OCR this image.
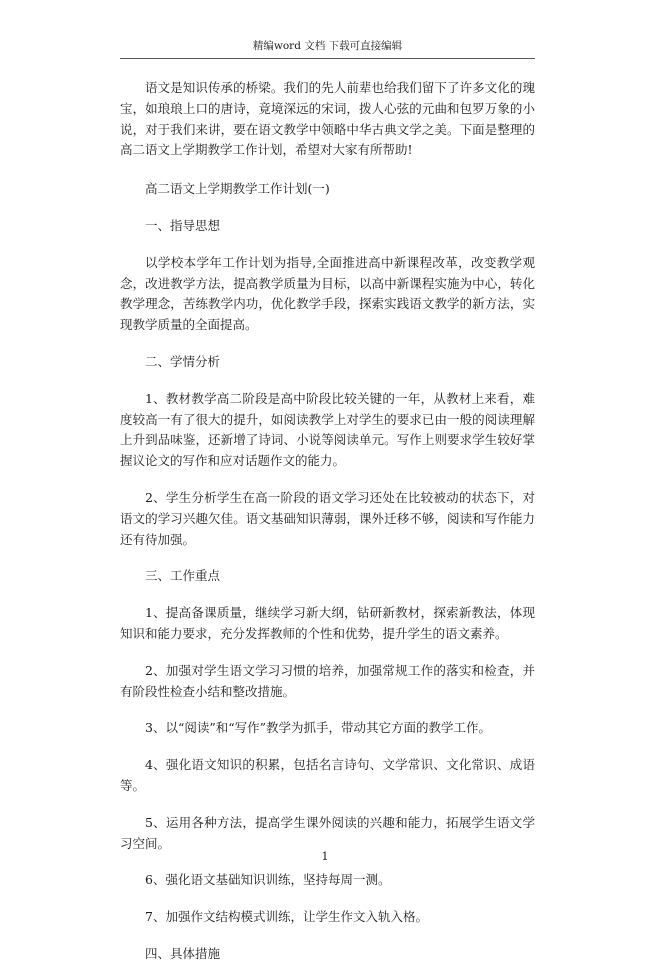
精编word 文档 下载可直接编辑

语文是知识传承的桥梁。我们的先人前辈也给我们留下了许多文化的瑰宝，如琅琅上口的唐诗，竟境深远的宋词，拨人心弦的元曲和包罗万象的小说，对于我们来讲，要在语文教学中领略中华古典文学之美。下面是整理的高二语文上学期教学工作计划，希望对大家有所帮助!

高二语文上学期教学工作计划(一)

一、指导思想

以学校本学年工作计划为指导,全面推进高中新课程改革，改变教学观念，改进教学方法，提高教学质量为目标，以高中新课程实施为中心，转化教学理念，苦练教学内功，优化教学手段，探索实践语文教学的新方法，实现教学质量的全面提高。

二、学情分析

1、教材教学高二阶段是高中阶段比较关键的一年，从教材上来看，难度较高一有了很大的提升，如阅读教学上对学生的要求已由一般的阅读理解上升到品味鉴，还新增了诗词、小说等阅读单元。写作上则要求学生较好掌握议论文的写作和应对话题作文的能力。

2、学生分析学生在高一阶段的语文学习还处在比较被动的状态下，对语文的学习兴趣欠佳。语文基础知识薄弱，课外迁移不够，阅读和写作能力还有待加强。

三、工作重点

1、提高备课质量，继续学习新大纲，钻研新教材，探索新教法，体现知识和能力要求，充分发挥教师的个性和优势，提升学生的语文素养。

2、加强对学生语文学习习惯的培养，加强常规工作的落实和检查，并有阶段性检查小结和整改措施。

3、以“阅读”和“写作”教学为抓手，带动其它方面的教学工作。

4、强化语文知识的积累，包括名言诗句、文学常识、文化常识、成语等。

5、运用各种方法，提高学生课外阅读的兴趣和能力，拓展学生语文学习空间。

6、强化语文基础知识训练，坚持每周一测。

7、加强作文结构模式训练，让学生作文入轨入格。

四、具体措施

1
